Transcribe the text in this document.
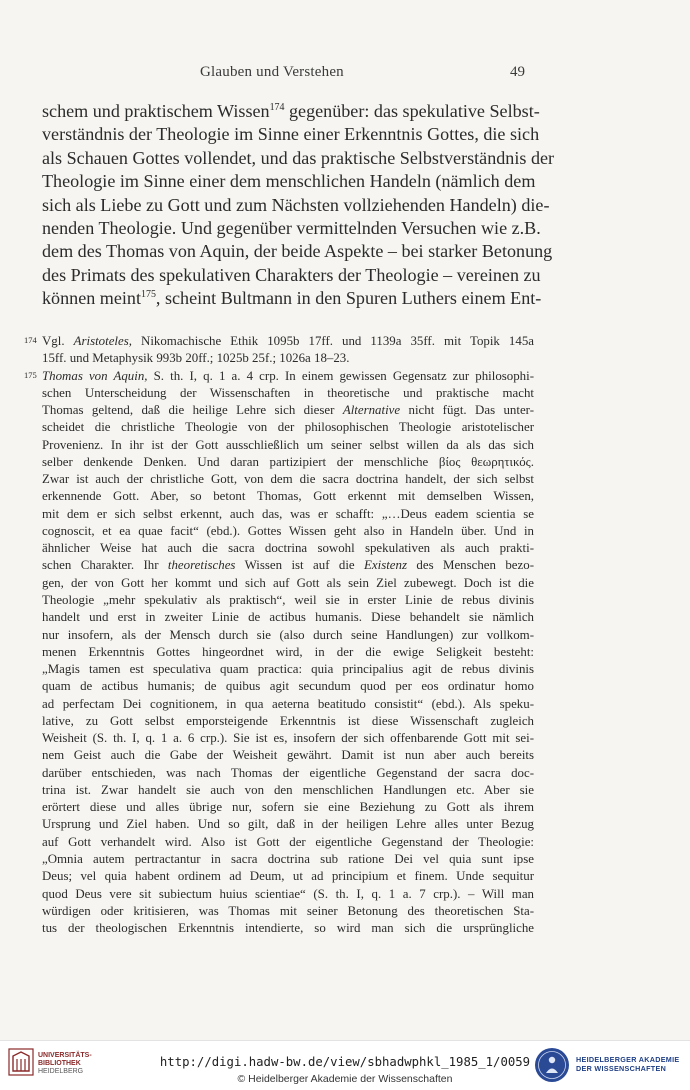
Glauben und Verstehen	49
schem und praktischem Wissen$^{174}$ gegenüber: das spekulative Selbst-
verständnis der Theologie im Sinne einer Erkenntnis Gottes, die sich
als Schauen Gottes vollendet, und das praktische Selbstverständnis der
Theologie im Sinne einer dem menschlichen Handeln (nämlich dem
sich als Liebe zu Gott und zum Nächsten vollziehenden Handeln) die-
nenden Theologie. Und gegenüber vermittelnden Versuchen wie z.B.
dem des Thomas von Aquin, der beide Aspekte – bei starker Betonung
des Primats des spekulativen Charakters der Theologie – vereinen zu
können meint$^{175}$, scheint Bultmann in den Spuren Luthers einem Ent-
174 Vgl. Aristoteles, Nikomachische Ethik 1095b 17ff. und 1139a 35ff. mit Topik 145a
15ff. und Metaphysik 993b 20ff.; 1025b 25f.; 1026a 18–23.
175 Thomas von Aquin, S. th. I, q. 1 a. 4 crp. In einem gewissen Gegensatz zur philosophi-
schen Unterscheidung der Wissenschaften in theoretische und praktische macht
Thomas geltend, daß die heilige Lehre sich dieser Alternative nicht fügt. Das unter-
scheidet die christliche Theologie von der philosophischen Theologie aristotelischer
Provenienz. In ihr ist der Gott ausschließlich um seiner selbst willen da als das sich
selber denkende Denken. Und daran partizipiert der menschliche βίος θεωρητικός.
Zwar ist auch der christliche Gott, von dem die sacra doctrina handelt, der sich selbst
erkennende Gott. Aber, so betont Thomas, Gott erkennt mit demselben Wissen,
mit dem er sich selbst erkennt, auch das, was er schafft: „…Deus eadem scientia se
cognoscit, et ea quae facit“ (ebd.). Gottes Wissen geht also in Handeln über. Und in
ähnlicher Weise hat auch die sacra doctrina sowohl spekulativen als auch prakti-
schen Charakter. Ihr theoretisches Wissen ist auf die Existenz des Menschen bezo-
gen, der von Gott her kommt und sich auf Gott als sein Ziel zubewegt. Doch ist die
Theologie „mehr spekulativ als praktisch“, weil sie in erster Linie de rebus divinis
handelt und erst in zweiter Linie de actibus humanis. Diese behandelt sie nämlich
nur insofern, als der Mensch durch sie (also durch seine Handlungen) zur vollkom-
menen Erkenntnis Gottes hingeordnet wird, in der die ewige Seligkeit besteht:
„Magis tamen est speculativa quam practica: quia principalius agit de rebus divinis
quam de actibus humanis; de quibus agit secundum quod per eos ordinatur homo
ad perfectam Dei cognitionem, in qua aeterna beatitudo consistit“ (ebd.). Als speku-
lative, zu Gott selbst emporsteigende Erkenntnis ist diese Wissenschaft zugleich
Weisheit (S. th. I, q. 1 a. 6 crp.). Sie ist es, insofern der sich offenbarende Gott mit sei-
nem Geist auch die Gabe der Weisheit gewährt. Damit ist nun aber auch bereits
darüber entschieden, was nach Thomas der eigentliche Gegenstand der sacra doc-
trina ist. Zwar handelt sie auch von den menschlichen Handlungen etc. Aber sie
erörtert diese und alles übrige nur, sofern sie eine Beziehung zu Gott als ihrem
Ursprung und Ziel haben. Und so gilt, daß in der heiligen Lehre alles unter Bezug
auf Gott verhandelt wird. Also ist Gott der eigentliche Gegenstand der Theologie:
„Omnia autem pertractantur in sacra doctrina sub ratione Dei vel quia sunt ipse
Deus; vel quia habent ordinem ad Deum, ut ad principium et finem. Unde sequitur
quod Deus vere sit subiectum huius scientiae“ (S. th. I, q. 1 a. 7 crp.). – Will man
würdigen oder kritisieren, was Thomas mit seiner Betonung des theoretischen Sta-
tus der theologischen Erkenntnis intendierte, so wird man sich die ursprüngliche
UNIVERSITÄTS-
BIBLIOTHEK
HEIDELBERG
http://digi.hadw-bw.de/view/sbhadwphkl_1985_1/0059
© Heidelberger Akademie der Wissenschaften
HEIDELBERGER AKADEMIE
DER WISSENSCHAFTEN
